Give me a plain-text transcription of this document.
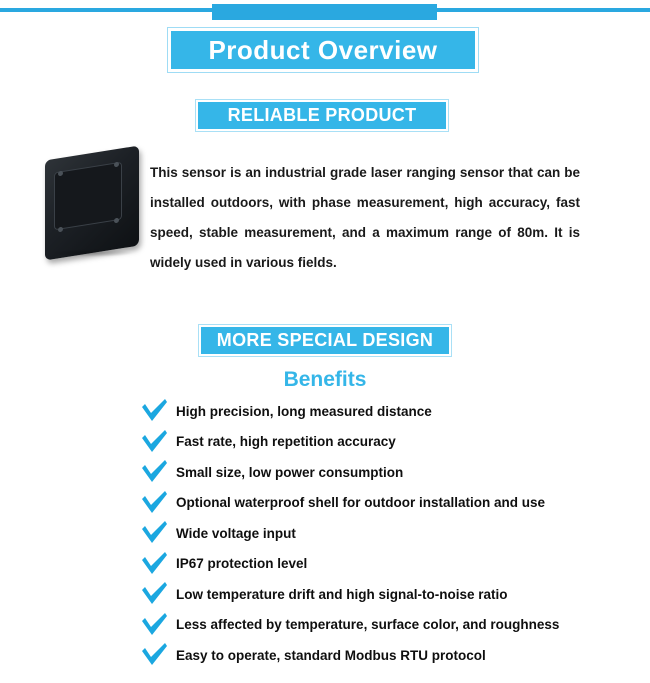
Product Overview
RELIABLE PRODUCT
This sensor is an industrial grade laser ranging sensor that can be installed outdoors, with phase measurement, high accuracy, fast speed, stable measurement, and a maximum range of 80m. It is widely used in various fields.
MORE SPECIAL DESIGN
Benefits
High precision, long measured distance
Fast rate, high repetition accuracy
Small size, low power consumption
Optional waterproof shell for outdoor installation and use
Wide voltage input
IP67 protection level
Low temperature drift and high signal-to-noise ratio
Less affected by temperature, surface color, and roughness
Easy to operate, standard Modbus RTU protocol
